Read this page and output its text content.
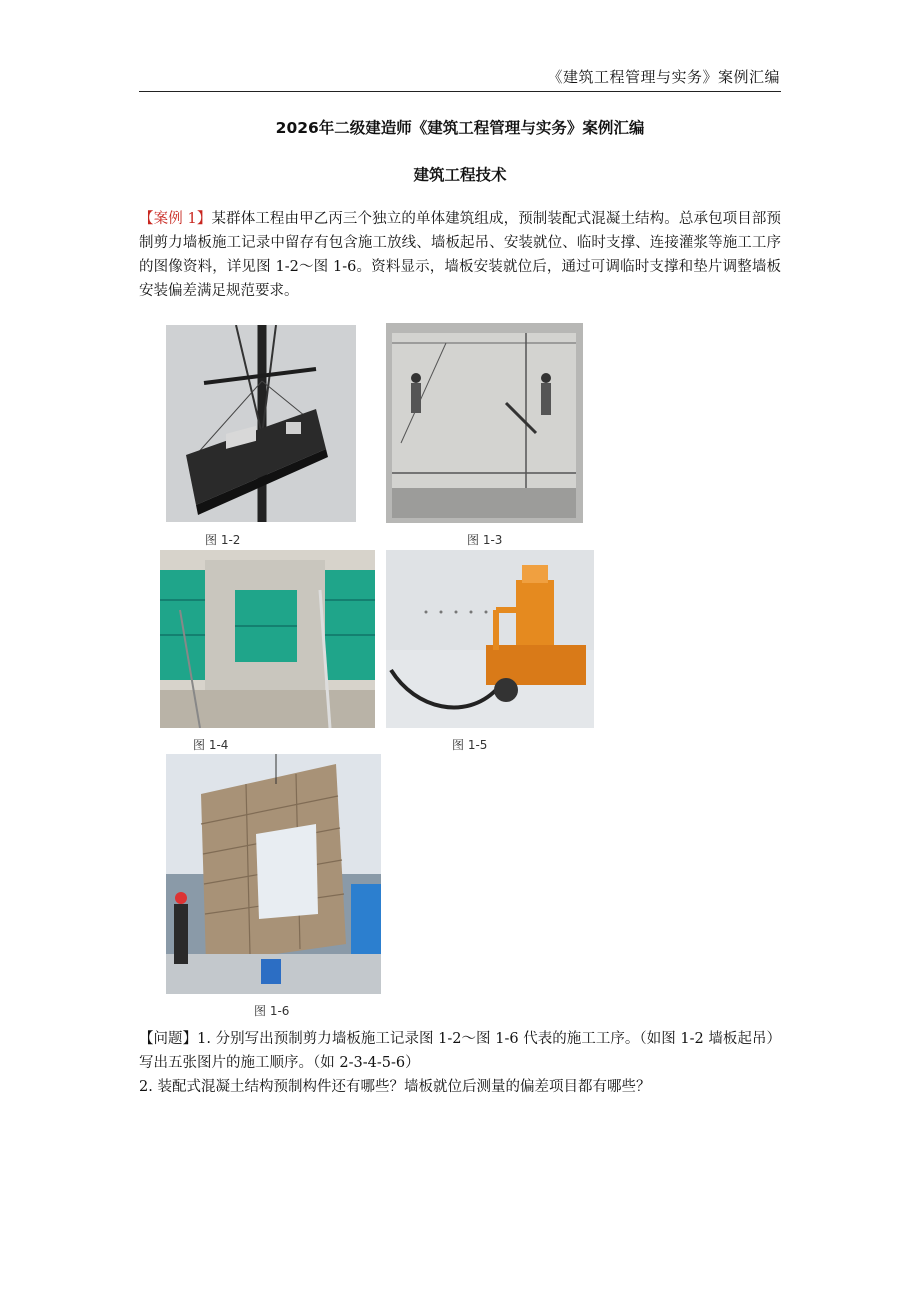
《建筑工程管理与实务》案例汇编
2026年二级建造师《建筑工程管理与实务》案例汇编
建筑工程技术
【案例 1】某群体工程由甲乙丙三个独立的单体建筑组成，预制装配式混凝土结构。总承包项目部预制剪力墙板施工记录中留存有包含施工放线、墙板起吊、安装就位、临时支撑、连接灌浆等施工工序的图像资料，详见图 1-2～图 1-6。资料显示，墙板安装就位后，通过可调临时支撑和垫片调整墙板安装偏差满足规范要求。
图 1-2	图 1-3
图 1-4	图 1-5
图 1-6
【问题】1. 分别写出预制剪力墙板施工记录图 1-2～图 1-6 代表的施工工序。（如图 1-2 墙板起吊）写出五张图片的施工顺序。（如 2-3-4-5-6）
2. 装配式混凝土结构预制构件还有哪些？墙板就位后测量的偏差项目都有哪些？
